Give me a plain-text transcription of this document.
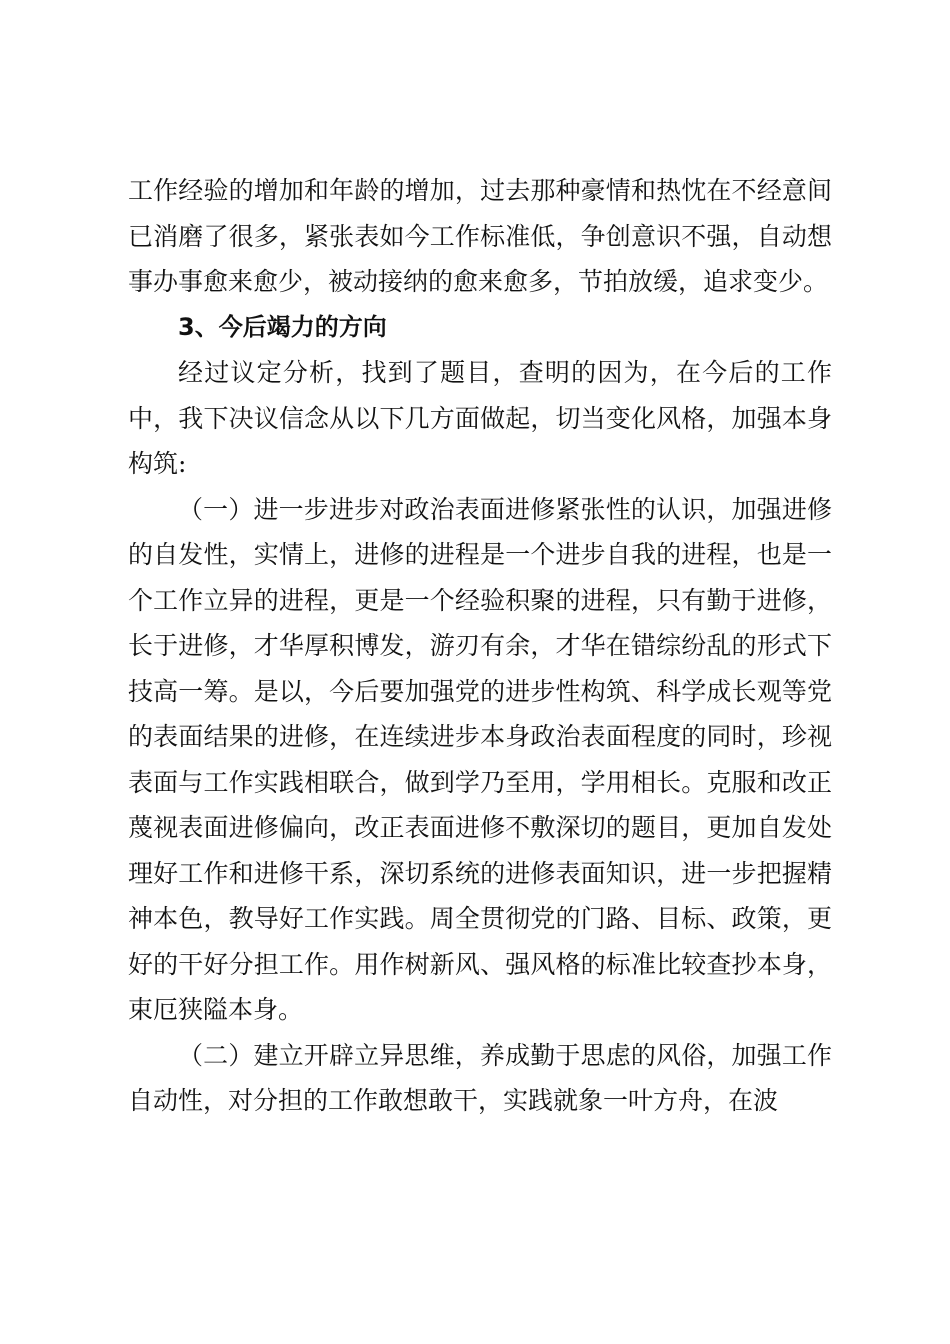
工作经验的增加和年龄的增加，过去那种豪情和热忱在不经意间已消磨了很多，紧张表如今工作标准低，争创意识不强，自动想事办事愈来愈少，被动接纳的愈来愈多，节拍放缓，追求变少。

3、今后竭力的方向

经过议定分析，找到了题目，查明的因为，在今后的工作中，我下决议信念从以下几方面做起，切当变化风格，加强本身构筑:

（一）进一步进步对政治表面进修紧张性的认识，加强进修的自发性，实情上，进修的进程是一个进步自我的进程，也是一个工作立异的进程，更是一个经验积聚的进程，只有勤于进修，长于进修，才华厚积博发，游刃有余，才华在错综纷乱的形式下技高一筹。是以，今后要加强党的进步性构筑、科学成长观等党的表面结果的进修，在连续进步本身政治表面程度的同时，珍视表面与工作实践相联合，做到学乃至用，学用相长。克服和改正蔑视表面进修偏向，改正表面进修不敷深切的题目，更加自发处理好工作和进修干系，深切系统的进修表面知识，进一步把握精神本色，教导好工作实践。周全贯彻党的门路、目标、政策，更好的干好分担工作。用作树新风、强风格的标准比较查抄本身，束厄狭隘本身。

（二）建立开辟立异思维，养成勤于思虑的风俗，加强工作自动性，对分担的工作敢想敢干，实践就象一叶方舟，在波
